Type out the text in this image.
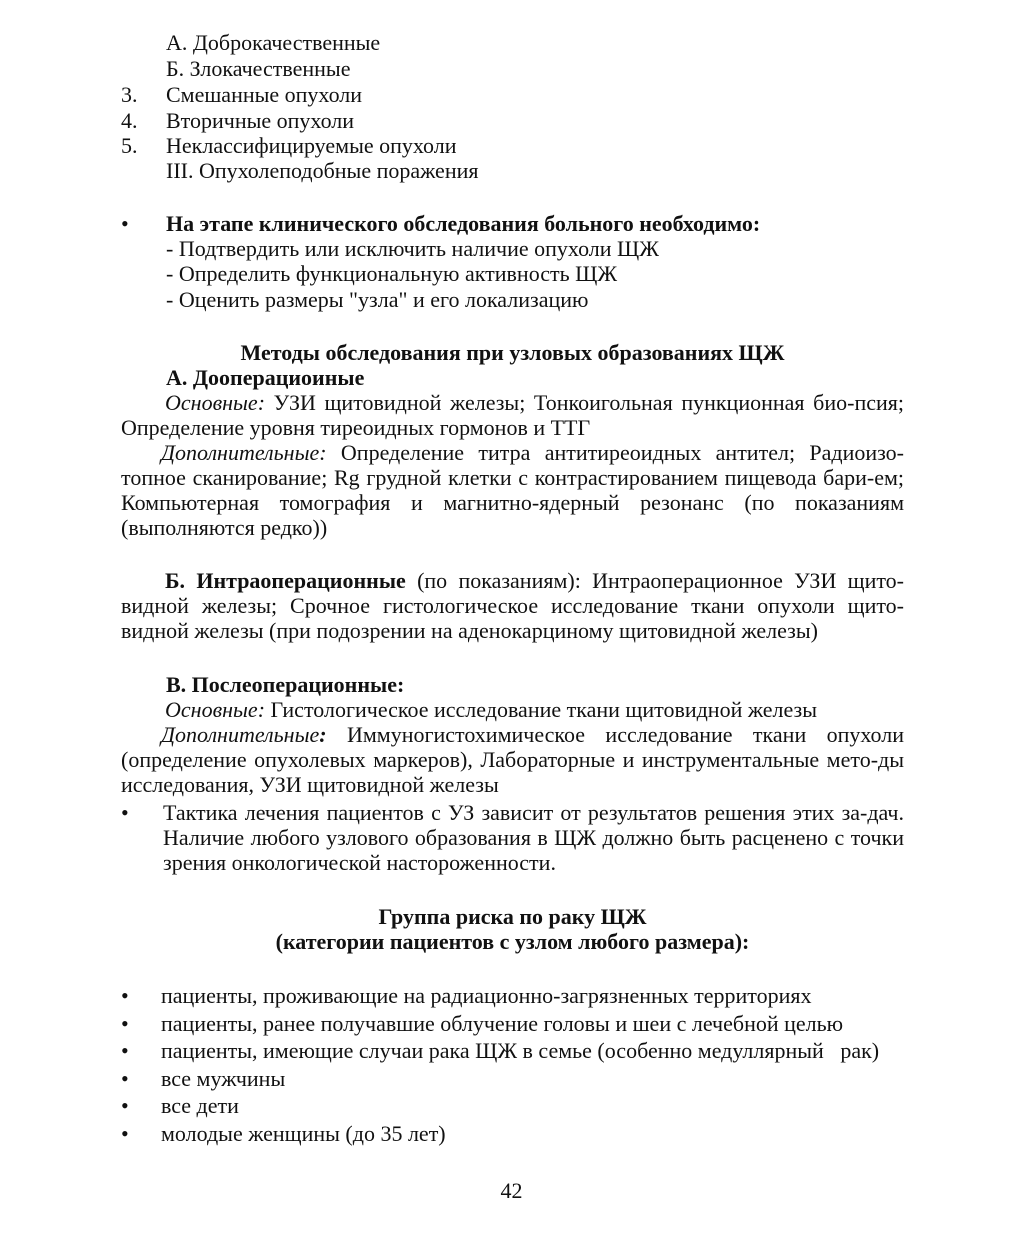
А. Доброкачественные
Б. Злокачественные
3.	Смешанные опухоли
4.	Вторичные опухоли
5.	Неклассифицируемые опухоли
III. Опухолеподобные поражения
• На этапе клинического обследования больного необходимо:
- Подтвердить или исключить наличие опухоли ЩЖ
- Определить функциональную активность ЩЖ
- Оценить размеры "узла" и его локализацию
Методы обследования при узловых образованиях ЩЖ
А. Дооперациоиные
Основные: УЗИ щитовидной железы; Тонкоигольная пункционная био-псия; Определение уровня тиреоидных гормонов и ТТГ
Дополнительные: Определение титра антитиреоидных антител; Радиоизо-топное сканирование; Rg грудной клетки с контрастированием пищевода бари-ем; Компьютерная томография и магнитно-ядерный резонанс (по показаниям (выполняются редко))
Б. Интраоперационные (по показаниям): Интраоперационное УЗИ щито-видной железы; Срочное гистологическое исследование ткани опухоли щито-видной железы (при подозрении на аденокарциному щитовидной железы)
В. Послеоперационные:
Основные: Гистологическое исследование ткани щитовидной железы
Дополнительные: Иммуногистохимическое исследование ткани опухоли (определение опухолевых маркеров), Лабораторные и инструментальные мето-ды исследования, УЗИ щитовидной железы
• Тактика лечения пациентов с УЗ зависит от результатов решения этих за-дач. Наличие любого узлового образования в ЩЖ должно быть расценено с точки зрения онкологической настороженности.
Группа риска по раку ЩЖ
(категории пациентов с узлом любого размера):
• пациенты, проживающие на радиационно-загрязненных территориях
• пациенты, ранее получавшие облучение головы и шеи с лечебной целью
• пациенты, имеющие случаи рака ЩЖ в семье (особенно медуллярный   рак)
• все мужчины
• все дети
• молодые женщины (до 35 лет)
42
